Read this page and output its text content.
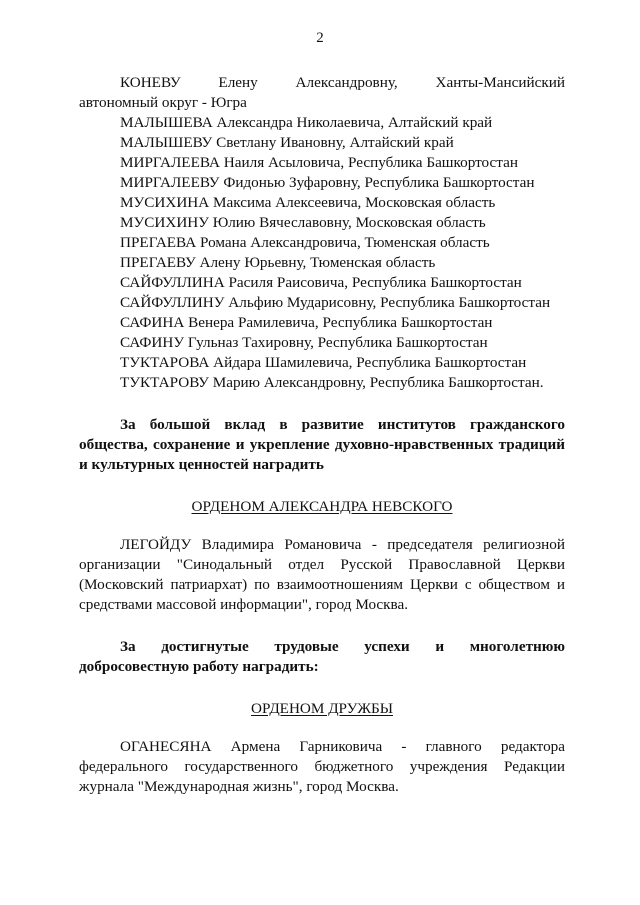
2

КОНЕВУ Елену Александровну, Ханты-Мансийский

автономный округ - Югра

МАЛЫШЕВА Александра Николаевича, Алтайский край

МАЛЫШЕВУ Светлану Ивановну, Алтайский край

МИРГАЛЕЕВА Наиля Асыловича, Республика Башкортостан

МИРГАЛЕЕВУ Фидонью Зуфаровну, Республика Башкортостан

МУСИХИНА Максима Алексеевича, Московская область

МУСИХИНУ Юлию Вячеславовну, Московская область

ПРЕГАЕВА Романа Александровича, Тюменская область

ПРЕГАЕВУ Алену Юрьевну, Тюменская область

САЙФУЛЛИНА Расиля Раисовича, Республика Башкортостан

САЙФУЛЛИНУ Альфию Мударисовну, Республика Башкортостан

САФИНА Венера Рамилевича, Республика Башкортостан

САФИНУ Гульназ Тахировну, Республика Башкортостан

ТУКТАРОВА Айдара Шамилевича, Республика Башкортостан

ТУКТАРОВУ Марию Александровну, Республика Башкортостан.

За большой вклад в развитие институтов гражданского общества, сохранение и укрепление духовно-нравственных традиций и культурных ценностей наградить

ОРДЕНОМ АЛЕКСАНДРА НЕВСКОГО

ЛЕГОЙДУ Владимира Романовича - председателя религиозной организации "Синодальный отдел Русской Православной Церкви (Московский патриархат) по взаимоотношениям Церкви с обществом и средствами массовой информации", город Москва.

За достигнутые трудовые успехи и многолетнюю добросовестную работу наградить:

ОРДЕНОМ ДРУЖБЫ

ОГАНЕСЯНА Армена Гарниковича - главного редактора федерального государственного бюджетного учреждения Редакции журнала "Международная жизнь", город Москва.
